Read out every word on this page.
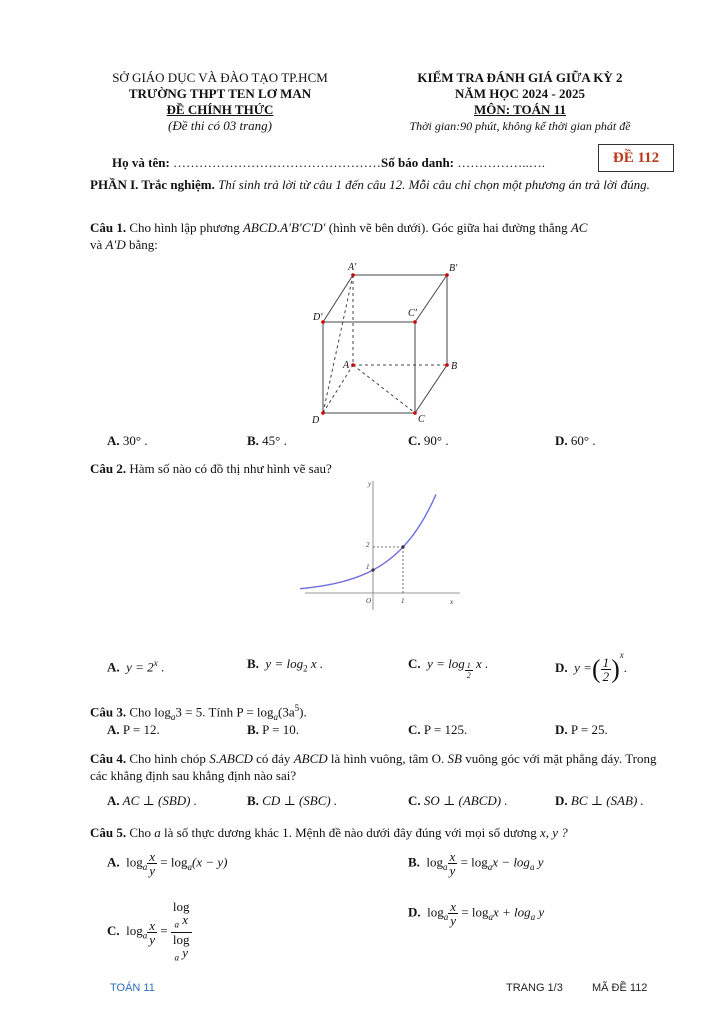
SỞ GIÁO DỤC VÀ ĐÀO TẠO TP.HCM
TRƯỜNG THPT TEN LƠ MAN
ĐỀ CHÍNH THỨC
(Đề thi có 03 trang)
KIỂM TRA ĐÁNH GIÁ GIỮA KỲ 2
NĂM HỌC 2024 - 2025
MÔN: TOÁN 11
Thời gian:90 phút, không kể thời gian phát đề
ĐỀ 112
Họ và tên: …………………………………………Số báo danh: ……………..….
PHẦN I. Trắc nghiệm. Thí sinh trả lời từ câu 1 đến câu 12. Mỗi câu chỉ chọn một phương án trả lời đúng.
Câu 1. Cho hình lập phương ABCD.A′B′C′D′ (hình vẽ bên dưới). Góc giữa hai đường thẳng AC
và A′D bằng:
A′	B′
D′	C′
A	B
D	C
A. 30° .	B. 45° .	C. 90° .	D. 60° .
Câu 2. Hàm số nào có đồ thị như hình vẽ sau?
y
2
1
O	1	x
A. $y = 2^x$ .	B. $y = \log_2 x$ .	C. $y = \log \frac{1}{2}$ x .	D. y =( $\frac{1}{2} )^x$.
Câu 3. Cho $\log_a3 = 5$. Tính $P = \log_a(3a^5)$.
A. P = 12.	B. P = 10.	C. P = 125.	D. P = 25.
Câu 4. Cho hình chóp S.ABCD có đáy ABCD là hình vuông, tâm O. SB vuông góc với mặt phẳng đáy. Trong các khẳng định sau khẳng định nào sai?
A. AC ⊥ (SBD) .	B. CD ⊥ (SBC) .	C. SO ⊥ (ABCD) .	D. BC ⊥ (SAB) .
Câu 5. Cho a là số thực dương khác 1. Mệnh đề nào dưới đây đúng với mọi số dương x, y ?
A. $\log_a \frac{x}{y} = \log_a(x - y)$	B. $\log_a \frac{x}{y} = \log_ax - \log_a y$
C. $\log_a \frac{x}{y} = \log$
$_a$ x
log
$_a$ y	D. $\log_a \frac{x}{y} = \log_ax + \log_a y$
TOÁN 11	TRANG 1/3	MÃ ĐỀ 112
